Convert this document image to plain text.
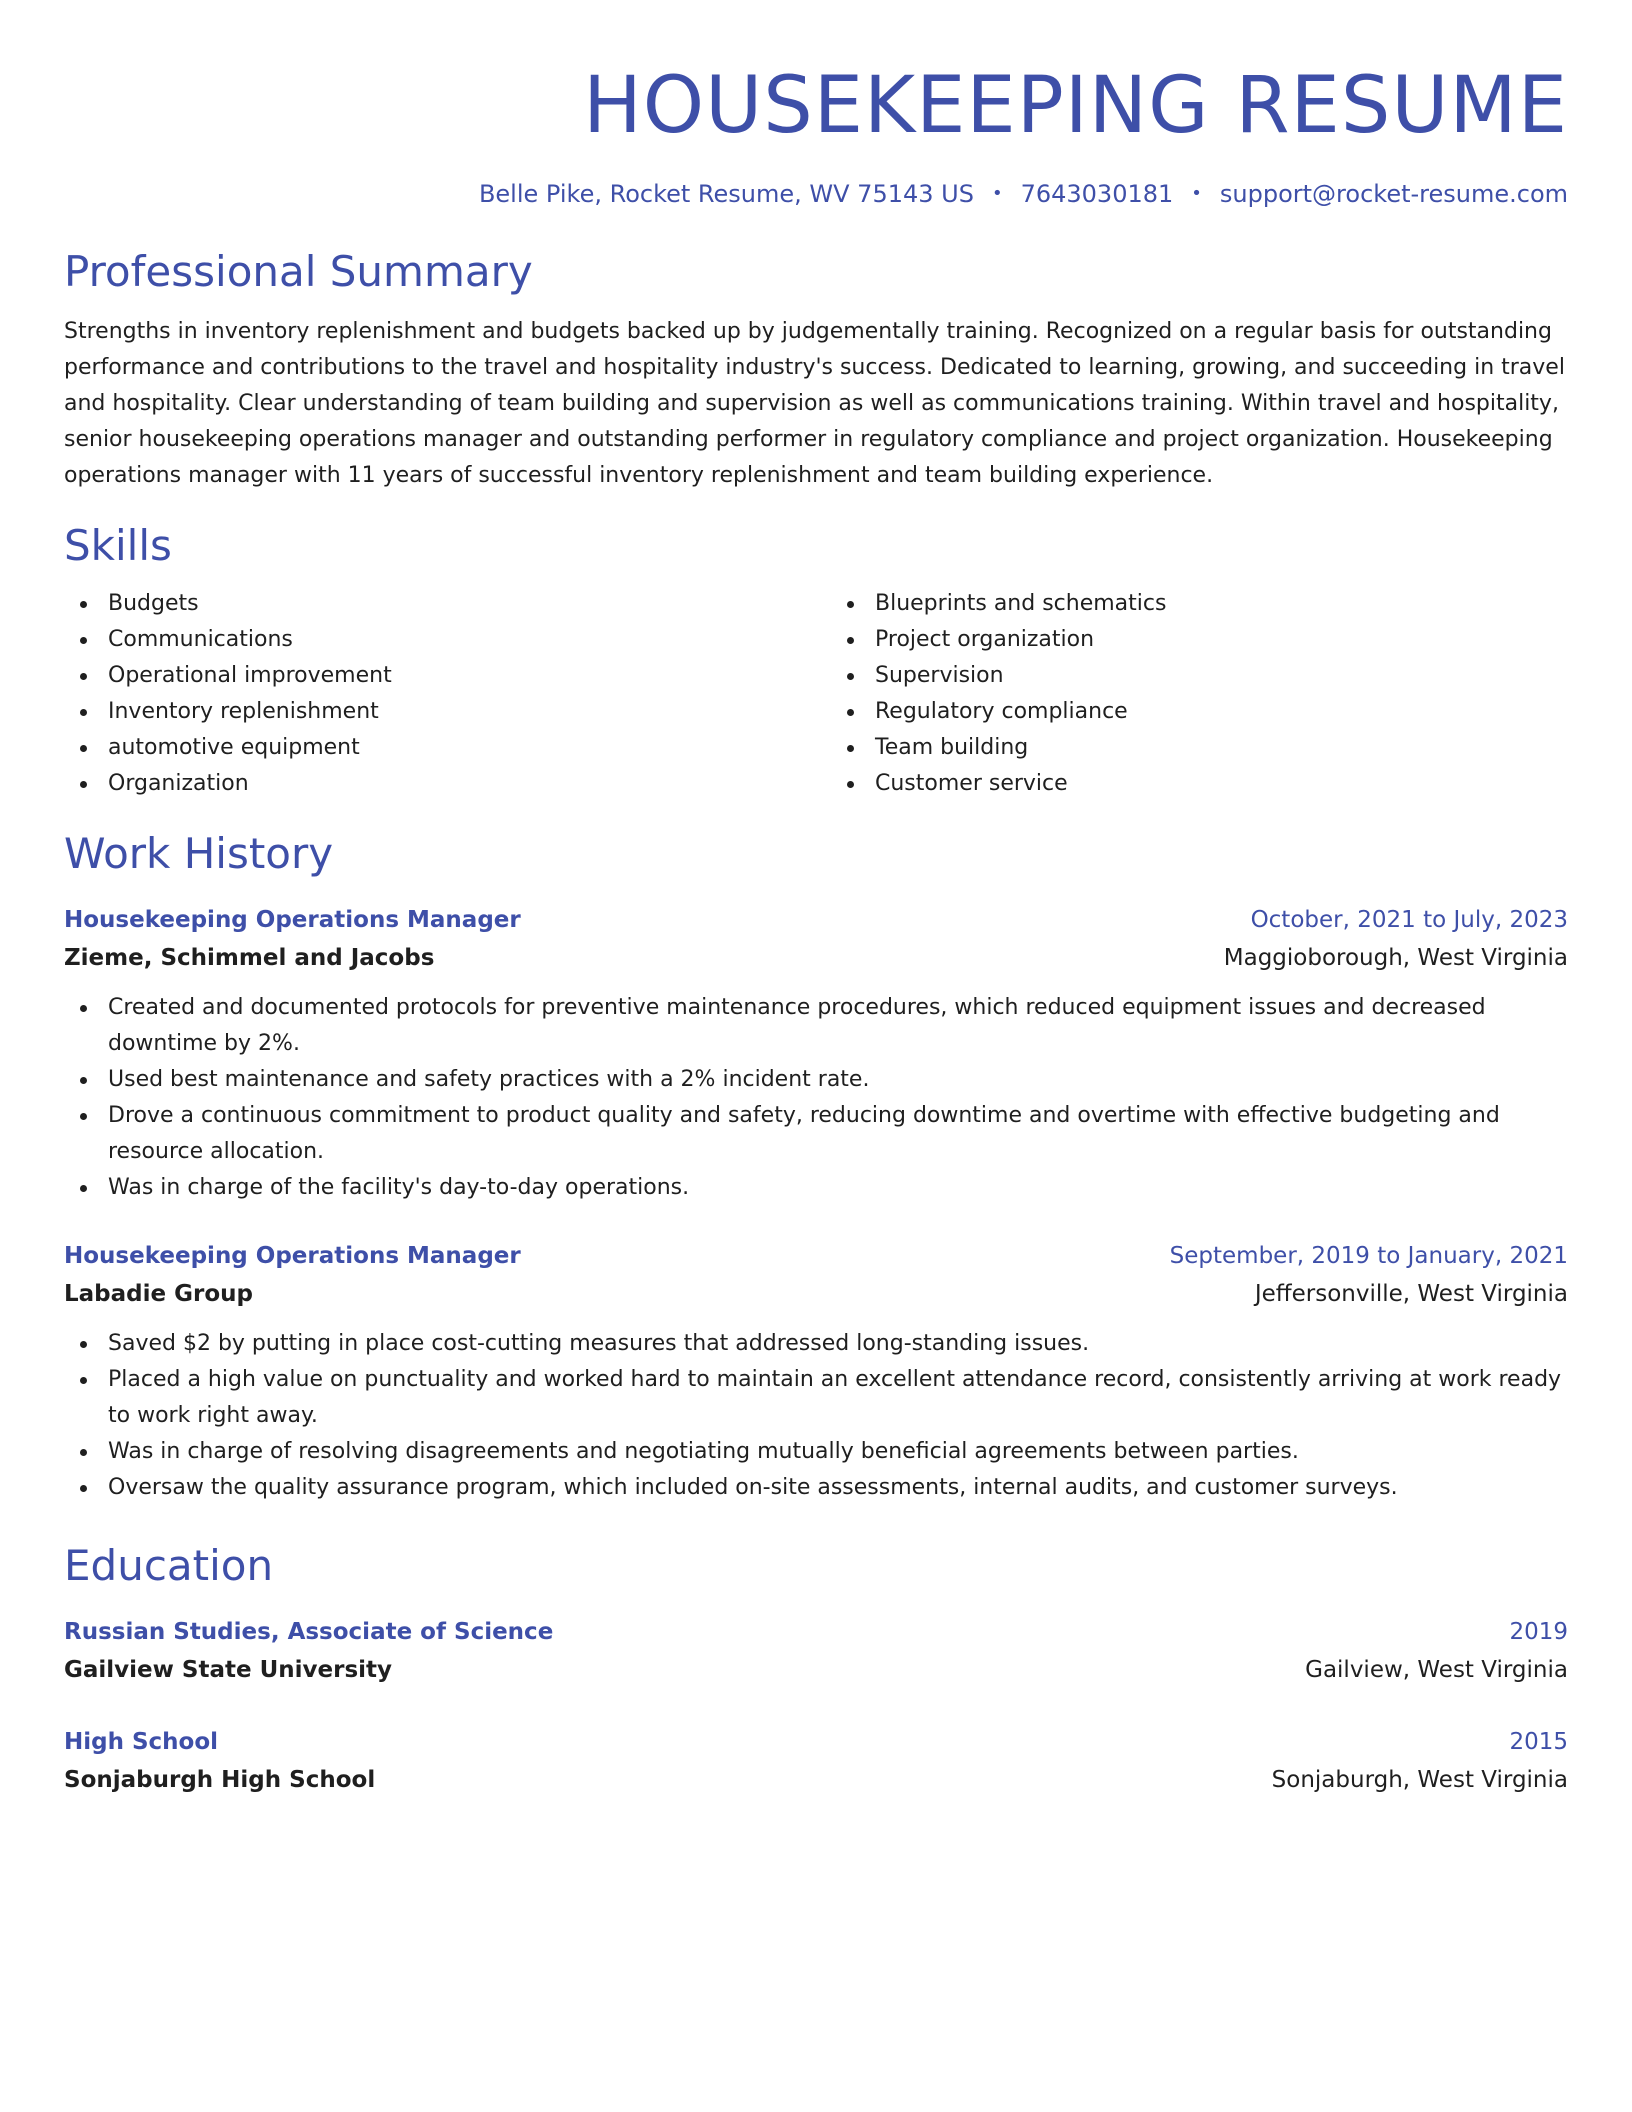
HOUSEKEEPING RESUME
Belle Pike, Rocket Resume, WV 75143 US • 7643030181 • support@rocket-resume.com
Professional Summary

Strengths in inventory replenishment and budgets backed up by judgementally training. Recognized on a regular basis for outstanding performance and contributions to the travel and hospitality industry's success. Dedicated to learning, growing, and succeeding in travel and hospitality. Clear understanding of team building and supervision as well as communications training. Within travel and hospitality, senior housekeeping operations manager and outstanding performer in regulatory compliance and project organization. Housekeeping operations manager with 11 years of successful inventory replenishment and team building experience.

Skills
Budgets
Communications
Operational improvement
Inventory replenishment
automotive equipment
Organization
Blueprints and schematics
Project organization
Supervision
Regulatory compliance
Team building
Customer service
Work History
Housekeeping Operations Manager	October, 2021 to July, 2023
Zieme, Schimmel and Jacobs	Maggioborough, West Virginia
Created and documented protocols for preventive maintenance procedures, which reduced equipment issues and decreased downtime by 2%.
Used best maintenance and safety practices with a 2% incident rate.
Drove a continuous commitment to product quality and safety, reducing downtime and overtime with effective budgeting and resource allocation.
Was in charge of the facility's day-to-day operations.
Housekeeping Operations Manager	September, 2019 to January, 2021
Labadie Group	Jeffersonville, West Virginia
Saved $2 by putting in place cost-cutting measures that addressed long-standing issues.
Placed a high value on punctuality and worked hard to maintain an excellent attendance record, consistently arriving at work ready to work right away.
Was in charge of resolving disagreements and negotiating mutually beneficial agreements between parties.
Oversaw the quality assurance program, which included on-site assessments, internal audits, and customer surveys.
Education
Russian Studies, Associate of Science	2019
Gailview State University	Gailview, West Virginia
High School	2015
Sonjaburgh High School	Sonjaburgh, West Virginia
